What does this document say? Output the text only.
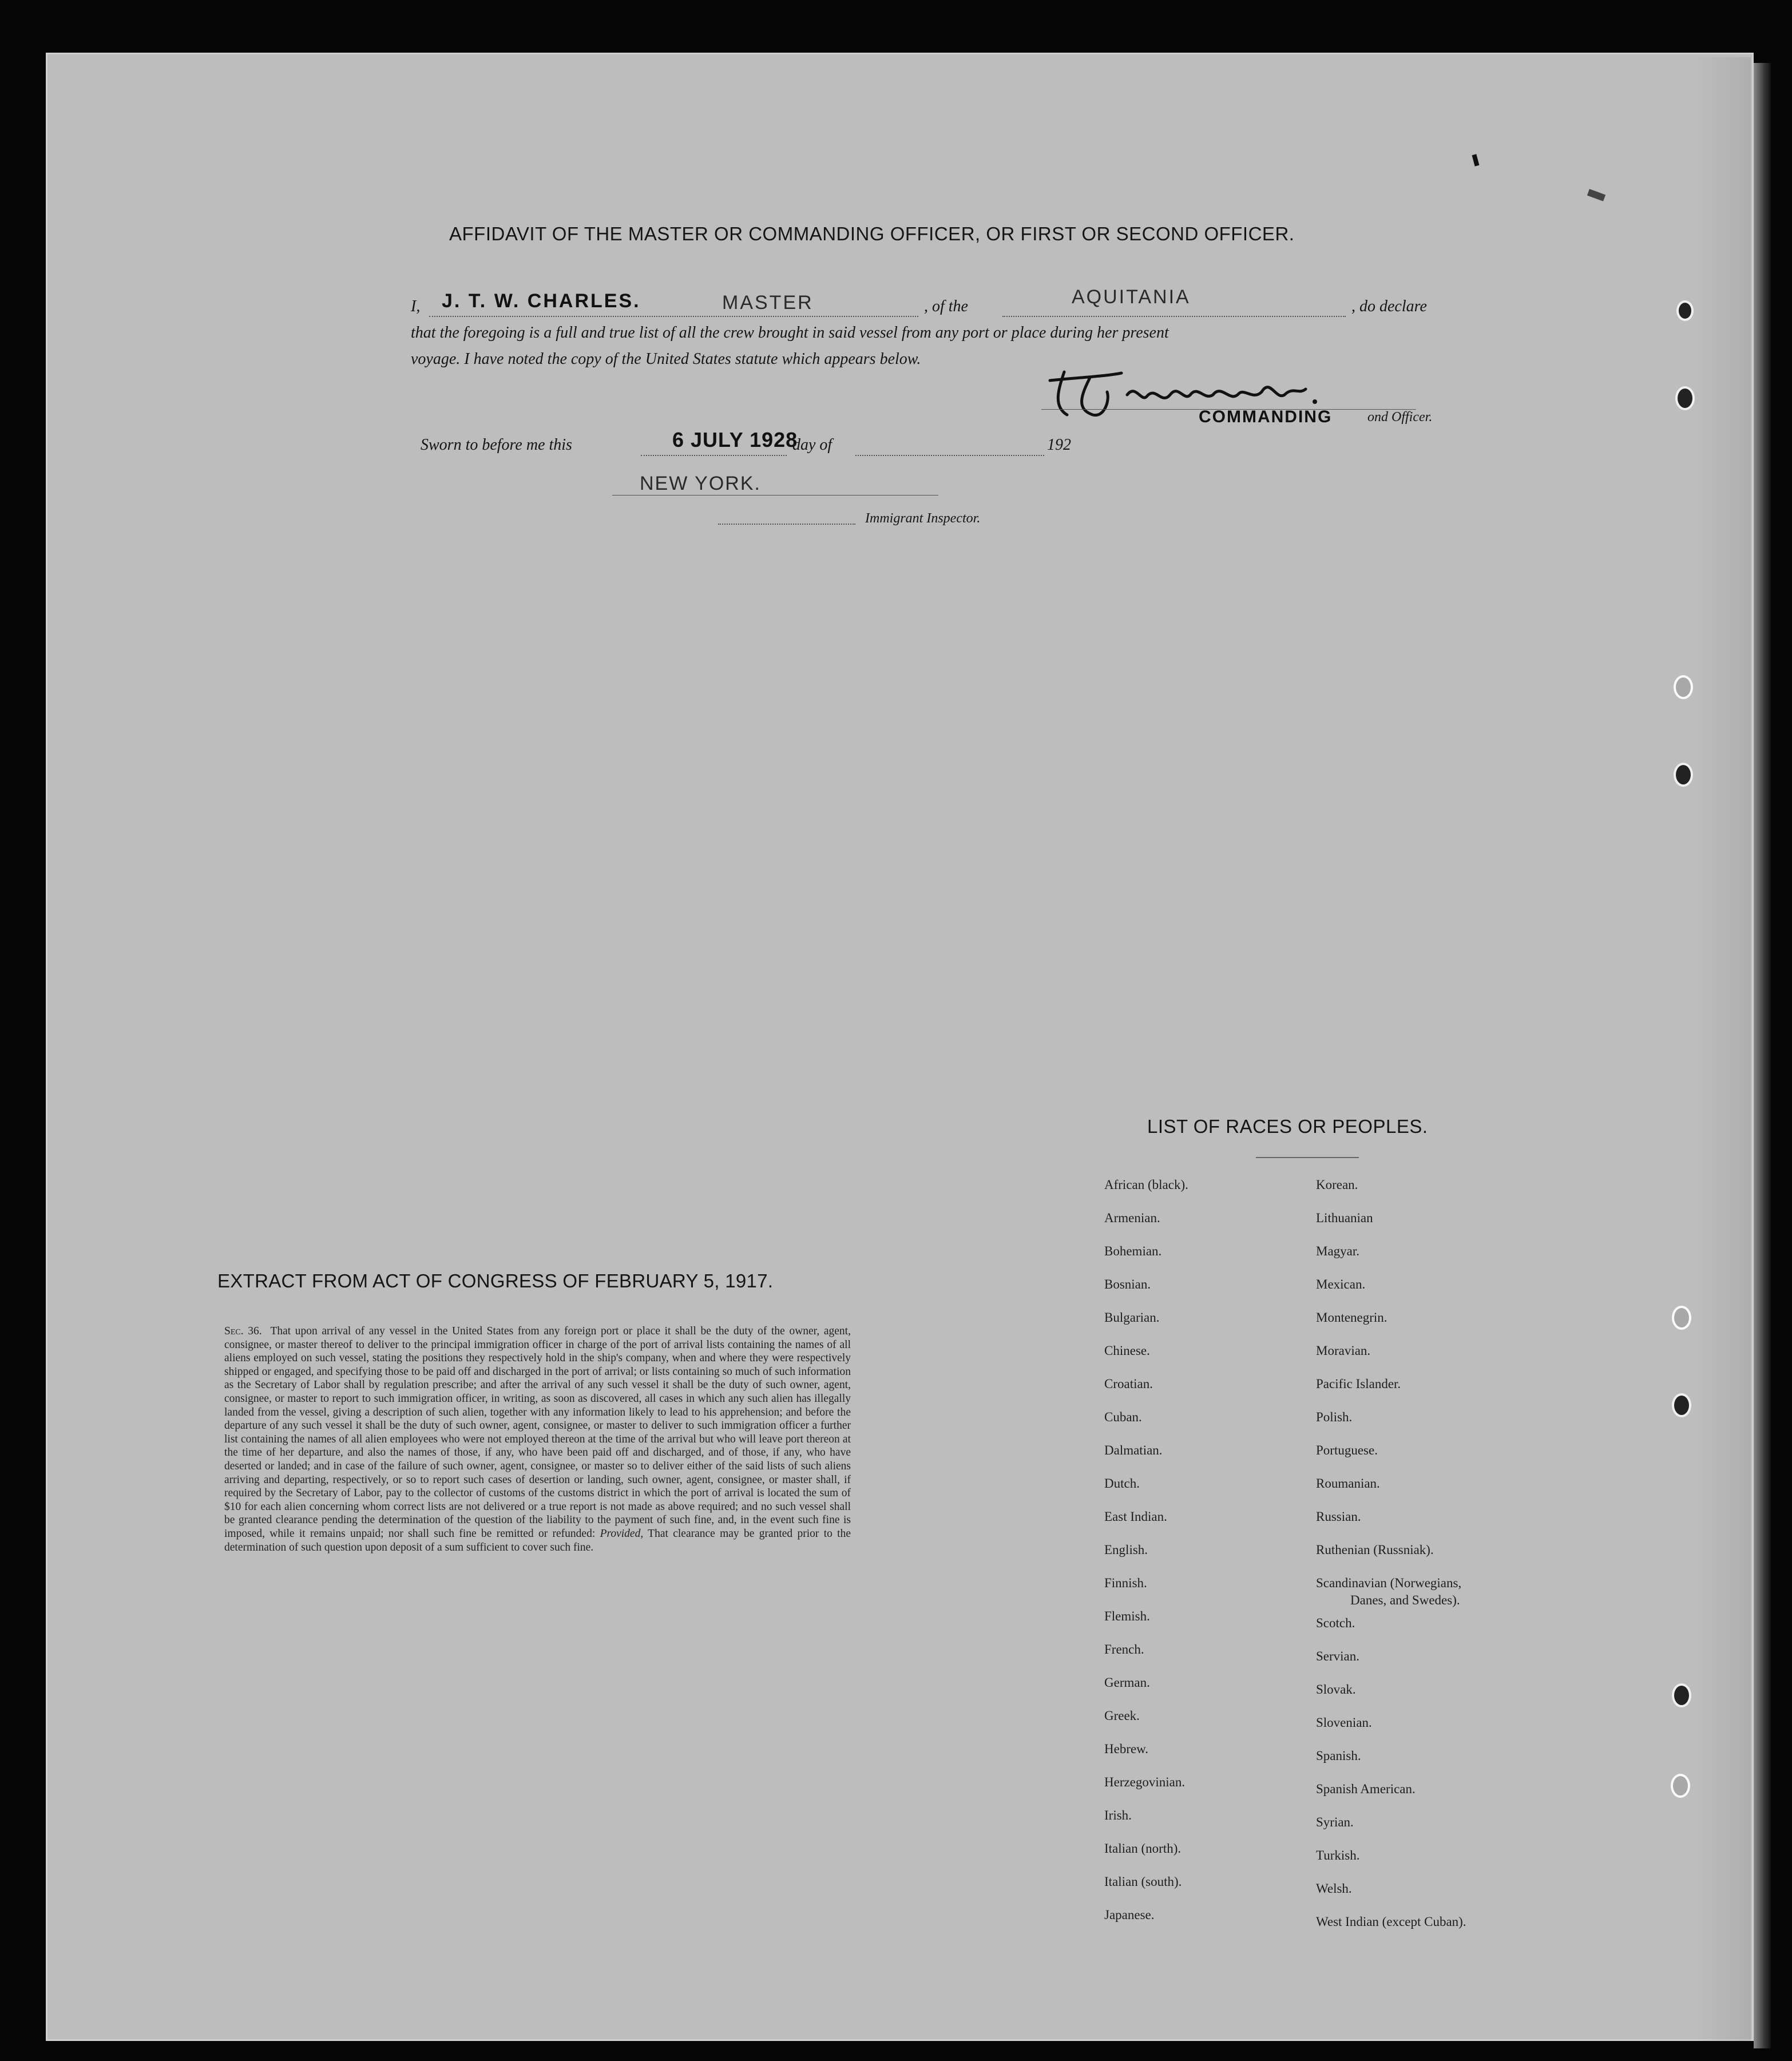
AFFIDAVIT OF THE MASTER OR COMMANDING OFFICER, OR FIRST OR SECOND OFFICER.
I, J. T. W. CHARLES.	MASTER	, of the	AQUITANIA	, do declare
that the foregoing is a full and true list of all the crew brought in said vessel from any port or place during her present
voyage. I have noted the copy of the United States statute which appears below.
COMMANDING	ond Officer.
Sworn to before me this	6 JULY 1928
day of	192
NEW YORK.
Immigrant Inspector.
EXTRACT FROM ACT OF CONGRESS OF FEBRUARY 5, 1917.
Sec. 36. That upon arrival of any vessel in the United States from any foreign port or place it shall be the duty of the owner, agent, consignee, or master thereof to deliver to the principal immigration officer in charge of the port of arrival lists containing the names of all aliens employed on such vessel, stating the positions they respectively hold in the ship's company, when and where they were respectively shipped or engaged, and specifying those to be paid off and discharged in the port of arrival; or lists containing so much of such information as the Secretary of Labor shall by regulation prescribe; and after the arrival of any such vessel it shall be the duty of such owner, agent, consignee, or master to report to such immigration officer, in writing, as soon as discovered, all cases in which any such alien has illegally landed from the vessel, giving a description of such alien, together with any information likely to lead to his apprehension; and before the departure of any such vessel it shall be the duty of such owner, agent, consignee, or master to deliver to such immigration officer a further list containing the names of all alien employees who were not employed thereon at the time of the arrival but who will leave port thereon at the time of her departure, and also the names of those, if any, who have been paid off and discharged, and of those, if any, who have deserted or landed; and in case of the failure of such owner, agent, consignee, or master so to deliver either of the said lists of such aliens arriving and departing, respectively, or so to report such cases of desertion or landing, such owner, agent, consignee, or master shall, if required by the Secretary of Labor, pay to the collector of customs of the customs district in which the port of arrival is located the sum of $10 for each alien concerning whom correct lists are not delivered or a true report is not made as above required; and no such vessel shall be granted clearance pending the determination of the question of the liability to the payment of such fine, and, in the event such fine is imposed, while it remains unpaid; nor shall such fine be remitted or refunded: Provided, That clearance may be granted prior to the determination of such question upon deposit of a sum sufficient to cover such fine.
LIST OF RACES OR PEOPLES.
African (black).
Armenian.
Bohemian.
Bosnian.
Bulgarian.
Chinese.
Croatian.
Cuban.
Dalmatian.
Dutch.
East Indian.
English.
Finnish.
Flemish.
French.
German.
Greek.
Hebrew.
Herzegovinian.
Irish.
Italian (north).
Italian (south).
Japanese.
Korean.
Lithuanian
Magyar.
Mexican.
Montenegrin.
Moravian.
Pacific Islander.
Polish.
Portuguese.
Roumanian.
Russian.
Ruthenian (Russniak).
Scandinavian (Norwegians,
Danes, and Swedes).
Scotch.
Servian.
Slovak.
Slovenian.
Spanish.
Spanish American.
Syrian.
Turkish.
Welsh.
West Indian (except Cuban).
